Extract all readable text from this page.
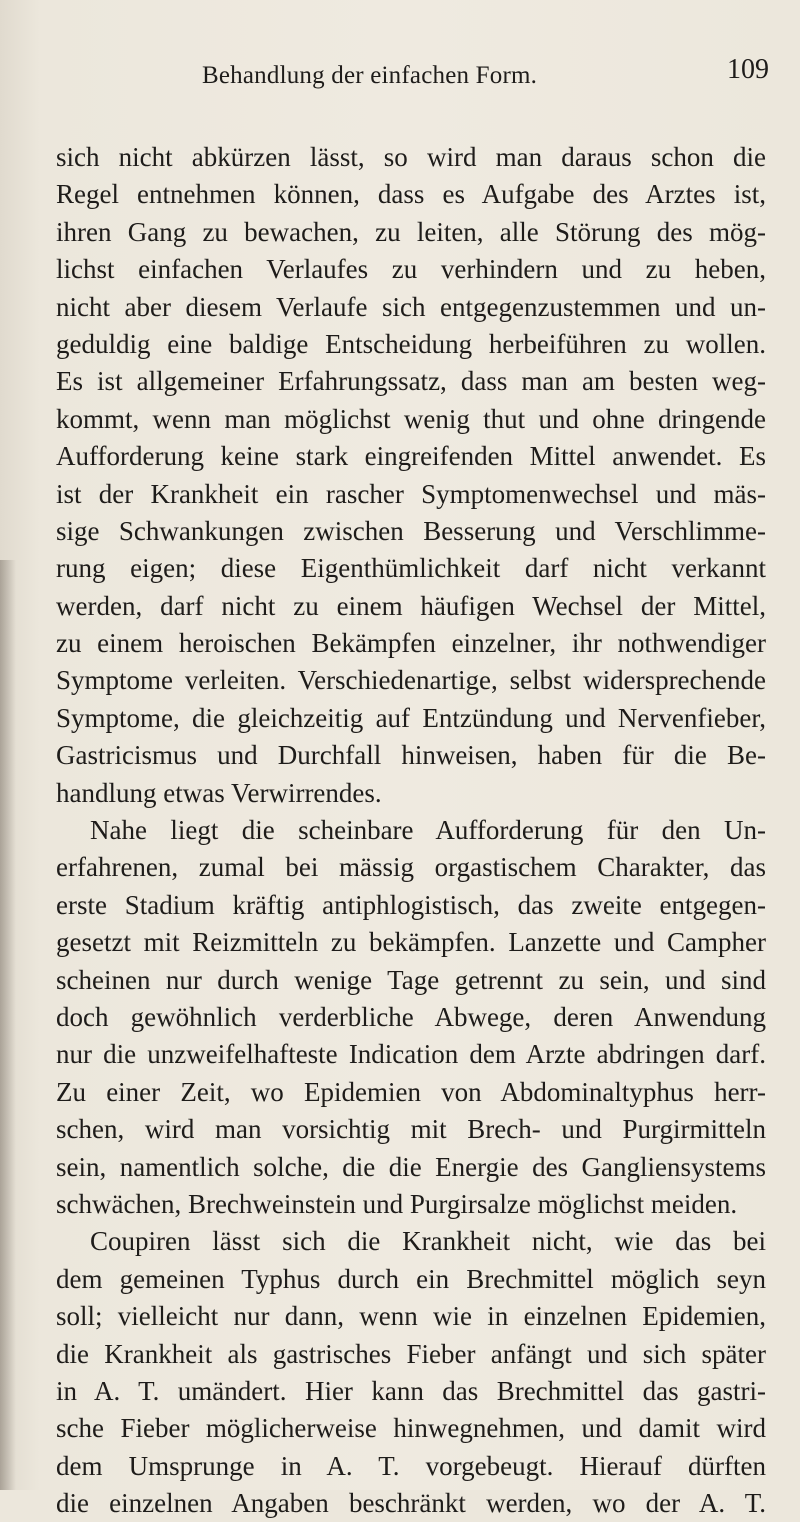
Behandlung der einfachen Form.	109
sich nicht abkürzen lässt, so wird man daraus schon die
Regel entnehmen können, dass es Aufgabe des Arztes ist,
ihren Gang zu bewachen, zu leiten, alle Störung des mög-
lichst einfachen Verlaufes zu verhindern und zu heben,
nicht aber diesem Verlaufe sich entgegenzustemmen und un-
geduldig eine baldige Entscheidung herbeiführen zu wollen.
Es ist allgemeiner Erfahrungssatz, dass man am besten weg-
kommt, wenn man möglichst wenig thut und ohne dringende
Aufforderung keine stark eingreifenden Mittel anwendet. Es
ist der Krankheit ein rascher Symptomenwechsel und mäs-
sige Schwankungen zwischen Besserung und Verschlimme-
rung eigen; diese Eigenthümlichkeit darf nicht verkannt
werden, darf nicht zu einem häufigen Wechsel der Mittel,
zu einem heroischen Bekämpfen einzelner, ihr nothwendiger
Symptome verleiten. Verschiedenartige, selbst widersprechende
Symptome, die gleichzeitig auf Entzündung und Nervenfieber,
Gastricismus und Durchfall hinweisen, haben für die Be-
handlung etwas Verwirrendes.
Nahe liegt die scheinbare Aufforderung für den Un-
erfahrenen, zumal bei mässig orgastischem Charakter, das
erste Stadium kräftig antiphlogistisch, das zweite entgegen-
gesetzt mit Reizmitteln zu bekämpfen. Lanzette und Campher
scheinen nur durch wenige Tage getrennt zu sein, und sind
doch gewöhnlich verderbliche Abwege, deren Anwendung
nur die unzweifelhafteste Indication dem Arzte abdringen darf.
Zu einer Zeit, wo Epidemien von Abdominaltyphus herr-
schen, wird man vorsichtig mit Brech- und Purgirmitteln
sein, namentlich solche, die die Energie des Gangliensystems
schwächen, Brechweinstein und Purgirsalze möglichst meiden.
Coupiren lässt sich die Krankheit nicht, wie das bei
dem gemeinen Typhus durch ein Brechmittel möglich seyn
soll; vielleicht nur dann, wenn wie in einzelnen Epidemien,
die Krankheit als gastrisches Fieber anfängt und sich später
in A. T. umändert. Hier kann das Brechmittel das gastri-
sche Fieber möglicherweise hinwegnehmen, und damit wird
dem Umsprunge in A. T. vorgebeugt. Hierauf dürften
die einzelnen Angaben beschränkt werden, wo der A. T.
